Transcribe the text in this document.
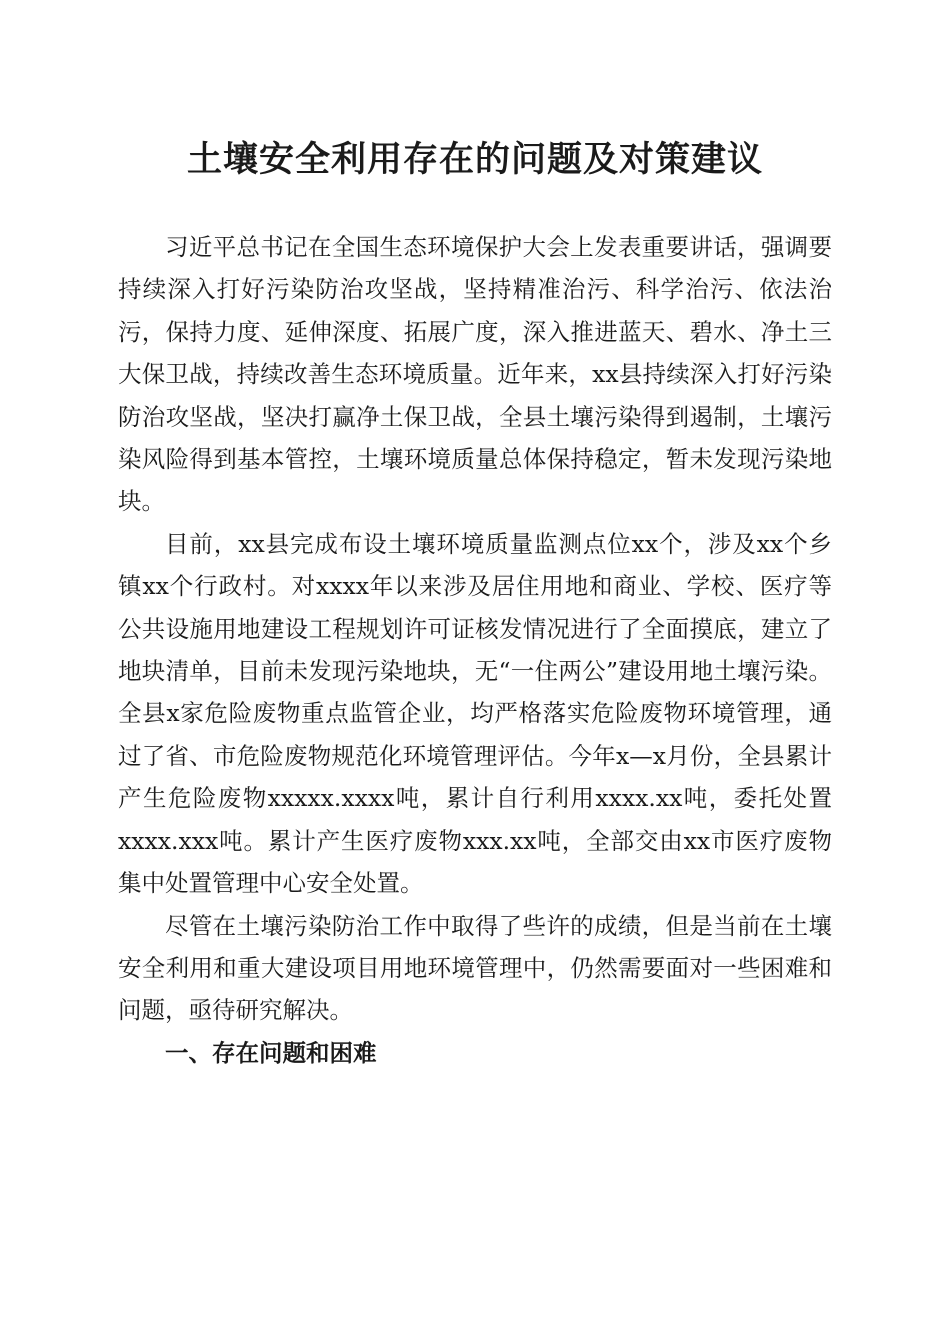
土壤安全利用存在的问题及对策建议

习近平总书记在全国生态环境保护大会上发表重要讲话，强调要持续深入打好污染防治攻坚战，坚持精准治污、科学治污、依法治污，保持力度、延伸深度、拓展广度，深入推进蓝天、碧水、净土三大保卫战，持续改善生态环境质量。近年来，xx县持续深入打好污染防治攻坚战，坚决打赢净土保卫战，全县土壤污染得到遏制，土壤污染风险得到基本管控，土壤环境质量总体保持稳定，暂未发现污染地块。

目前，xx县完成布设土壤环境质量监测点位xx个，涉及xx个乡镇xx个行政村。对xxxx年以来涉及居住用地和商业、学校、医疗等公共设施用地建设工程规划许可证核发情况进行了全面摸底，建立了地块清单，目前未发现污染地块，无“一住两公”建设用地土壤污染。全县x家危险废物重点监管企业，均严格落实危险废物环境管理，通过了省、市危险废物规范化环境管理评估。今年x—x月份，全县累计产生危险废物xxxxx.xxxx吨，累计自行利用xxxx.xx吨，委托处置xxxx.xxx吨。累计产生医疗废物xxx.xx吨，全部交由xx市医疗废物集中处置管理中心安全处置。

尽管在土壤污染防治工作中取得了些许的成绩，但是当前在土壤安全利用和重大建设项目用地环境管理中，仍然需要面对一些困难和问题，亟待研究解决。

一、存在问题和困难
